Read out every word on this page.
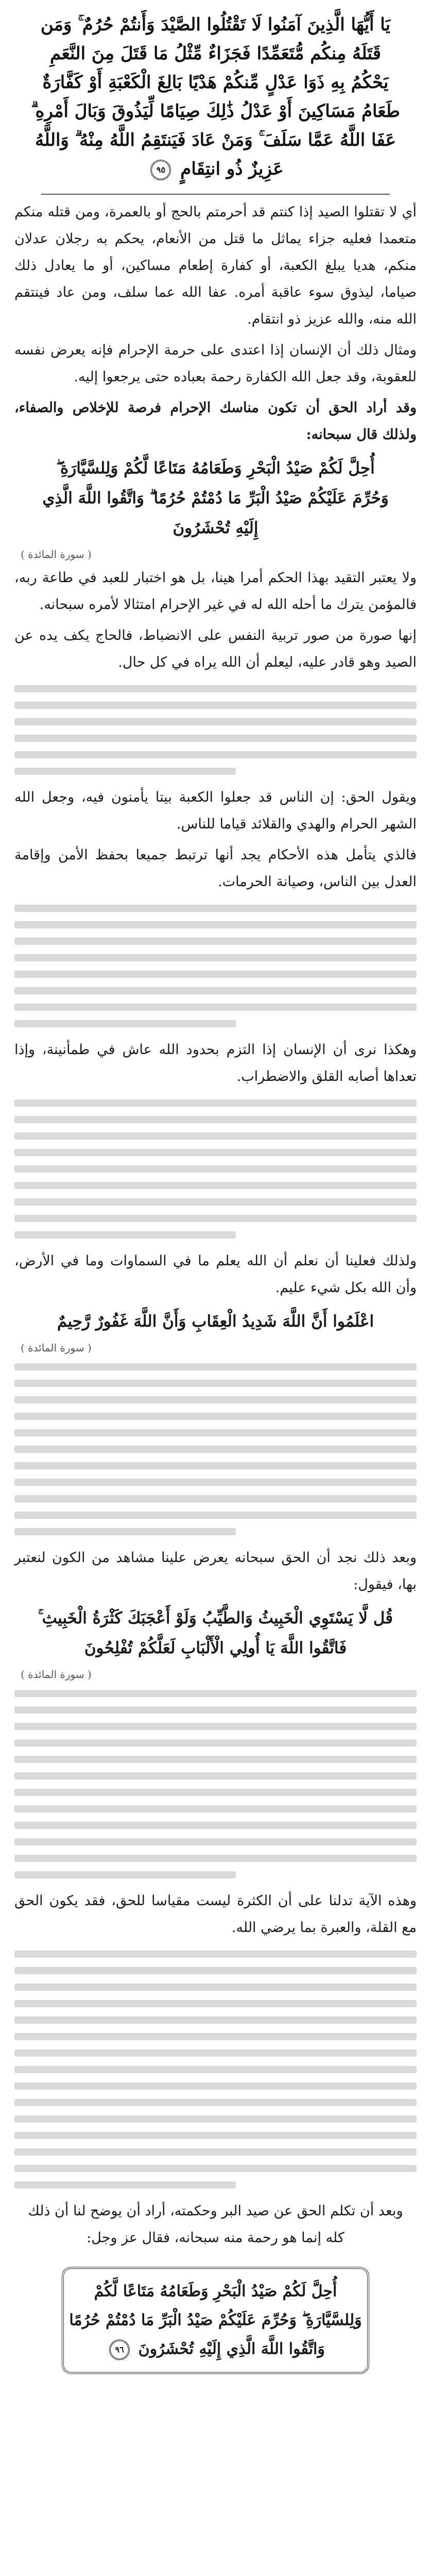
يَا أَيُّهَا الَّذِينَ آمَنُوا لَا تَقْتُلُوا الصَّيْدَ وَأَنتُمْ حُرُمٌ ۚ وَمَن قَتَلَهُ مِنكُم مُّتَعَمِّدًا فَجَزَاءٌ مِّثْلُ مَا قَتَلَ مِنَ النَّعَمِ يَحْكُمُ بِهِ ذَوَا عَدْلٍ مِّنكُمْ هَدْيًا بَالِغَ الْكَعْبَةِ أَوْ كَفَّارَةٌ طَعَامُ مَسَاكِينَ أَوْ عَدْلُ ذَٰلِكَ صِيَامًا لِّيَذُوقَ وَبَالَ أَمْرِهِ ۗ عَفَا اللَّهُ عَمَّا سَلَفَ ۚ وَمَنْ عَادَ فَيَنتَقِمُ اللَّهُ مِنْهُ ۗ وَاللَّهُ عَزِيزٌ ذُو انتِقَامٍ ٩٥

أي لا تقتلوا الصيد إذا كنتم قد أحرمتم بالحج أو بالعمرة، ومن قتله منكم متعمدا فعليه جزاء يماثل ما قتل من الأنعام، يحكم به رجلان عدلان منكم، هديا يبلغ الكعبة، أو كفارة إطعام مساكين، أو ما يعادل ذلك صياما، ليذوق سوء عاقبة أمره. عفا الله عما سلف، ومن عاد فينتقم الله منه، والله عزيز ذو انتقام.

ومثال ذلك أن الإنسان إذا اعتدى على حرمة الإحرام فإنه يعرض نفسه للعقوبة، وقد جعل الله الكفارة رحمة بعباده حتى يرجعوا إليه.

وقد أراد الحق أن تكون مناسك الإحرام فرصة للإخلاص والصفاء، ولذلك قال سبحانه:

أُحِلَّ لَكُمْ صَيْدُ الْبَحْرِ وَطَعَامُهُ مَتَاعًا لَّكُمْ وَلِلسَّيَّارَةِ ۖ وَحُرِّمَ عَلَيْكُمْ صَيْدُ الْبَرِّ مَا دُمْتُمْ حُرُمًا ۗ وَاتَّقُوا اللَّهَ الَّذِي إِلَيْهِ تُحْشَرُونَ
( سورة المائدة )

ولا يعتبر التقيد بهذا الحكم أمرا هينا، بل هو اختبار للعبد في طاعة ربه، فالمؤمن يترك ما أحله الله له في غير الإحرام امتثالا لأمره سبحانه.

إنها صورة من صور تربية النفس على الانضباط، فالحاج يكف يده عن الصيد وهو قادر عليه، ليعلم أن الله يراه في كل حال.

ويقول الحق: إن الناس قد جعلوا الكعبة بيتا يأمنون فيه، وجعل الله الشهر الحرام والهدي والقلائد قياما للناس.

فالذي يتأمل هذه الأحكام يجد أنها ترتبط جميعا بحفظ الأمن وإقامة العدل بين الناس، وصيانة الحرمات.

وهكذا نرى أن الإنسان إذا التزم بحدود الله عاش في طمأنينة، وإذا تعداها أصابه القلق والاضطراب.

ولذلك فعلينا أن نعلم أن الله يعلم ما في السماوات وما في الأرض، وأن الله بكل شيء عليم.

اعْلَمُوا أَنَّ اللَّهَ شَدِيدُ الْعِقَابِ وَأَنَّ اللَّهَ غَفُورٌ رَّحِيمٌ
( سورة المائدة )

وبعد ذلك نجد أن الحق سبحانه يعرض علينا مشاهد من الكون لنعتبر بها، فيقول:

قُل لَّا يَسْتَوِي الْخَبِيثُ وَالطَّيِّبُ وَلَوْ أَعْجَبَكَ كَثْرَةُ الْخَبِيثِ ۚ فَاتَّقُوا اللَّهَ يَا أُولِي الْأَلْبَابِ لَعَلَّكُمْ تُفْلِحُونَ
( سورة المائدة )

وهذه الآية تدلنا على أن الكثرة ليست مقياسا للحق، فقد يكون الحق مع القلة، والعبرة بما يرضي الله.

وبعد أن تكلم الحق عن صيد البر وحكمته، أراد أن يوضح لنا أن ذلك كله إنما هو رحمة منه سبحانه، فقال عز وجل:

أُحِلَّ لَكُمْ صَيْدُ الْبَحْرِ وَطَعَامُهُ مَتَاعًا لَّكُمْ
وَلِلسَّيَّارَةِ ۖ وَحُرِّمَ عَلَيْكُمْ صَيْدُ الْبَرِّ مَا دُمْتُمْ حُرُمًا
وَاتَّقُوا اللَّهَ الَّذِي إِلَيْهِ تُحْشَرُونَ ٩٦
